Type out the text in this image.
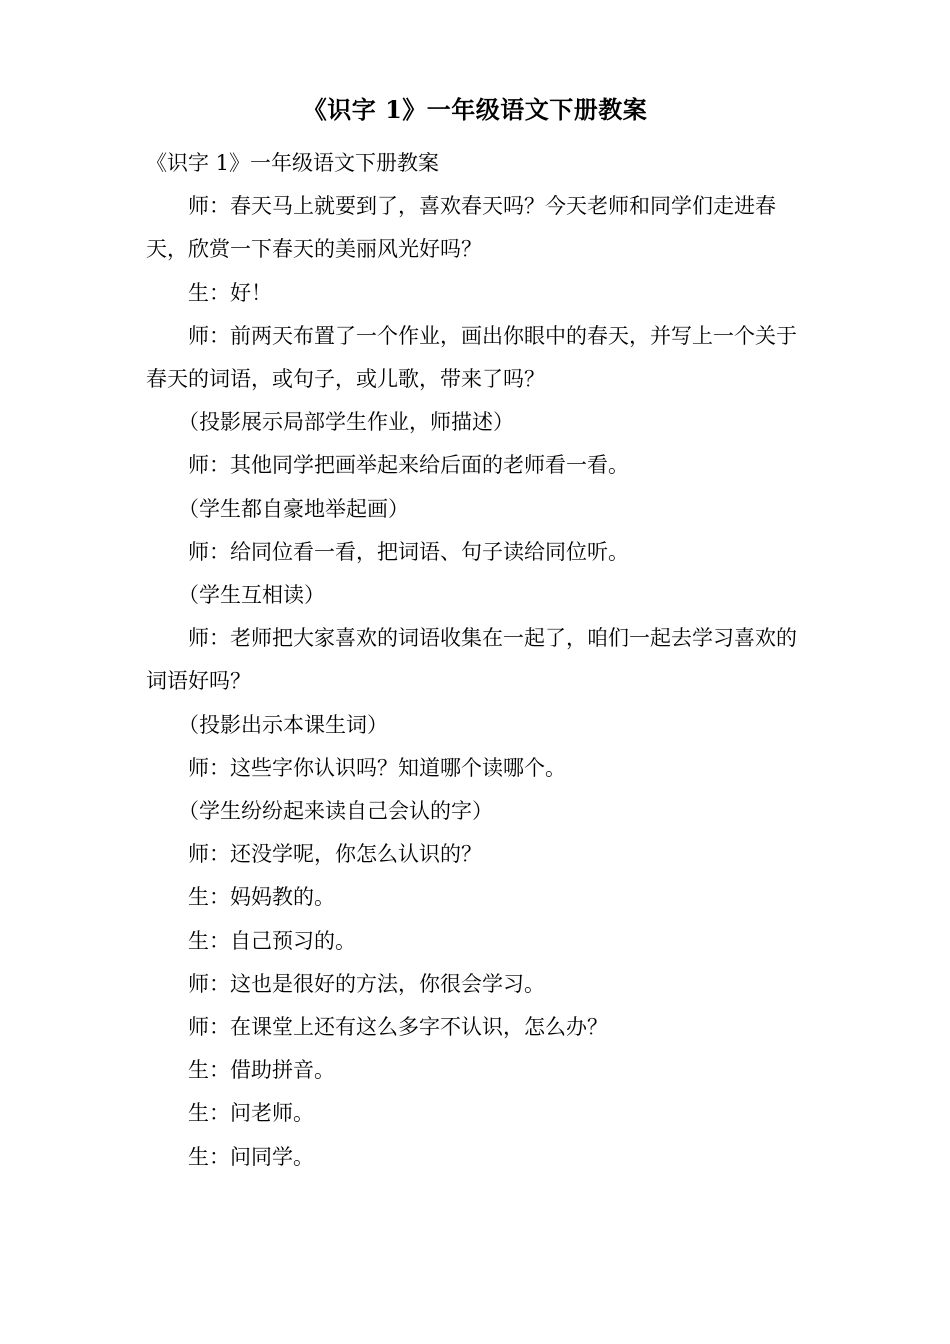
《识字 1》一年级语文下册教案

《识字 1》一年级语文下册教案

师：春天马上就要到了，喜欢春天吗？今天老师和同学们走进春天，欣赏一下春天的美丽风光好吗？

生：好！

师：前两天布置了一个作业，画出你眼中的春天，并写上一个关于春天的词语，或句子，或儿歌，带来了吗？

（投影展示局部学生作业，师描述）

师：其他同学把画举起来给后面的老师看一看。

（学生都自豪地举起画）

师：给同位看一看，把词语、句子读给同位听。

（学生互相读）

师：老师把大家喜欢的词语收集在一起了，咱们一起去学习喜欢的词语好吗？

（投影出示本课生词）

师：这些字你认识吗？知道哪个读哪个。

（学生纷纷起来读自己会认的字）

师：还没学呢，你怎么认识的？

生：妈妈教的。

生：自己预习的。

师：这也是很好的方法，你很会学习。

师：在课堂上还有这么多字不认识，怎么办？

生：借助拼音。

生：问老师。

生：问同学。
